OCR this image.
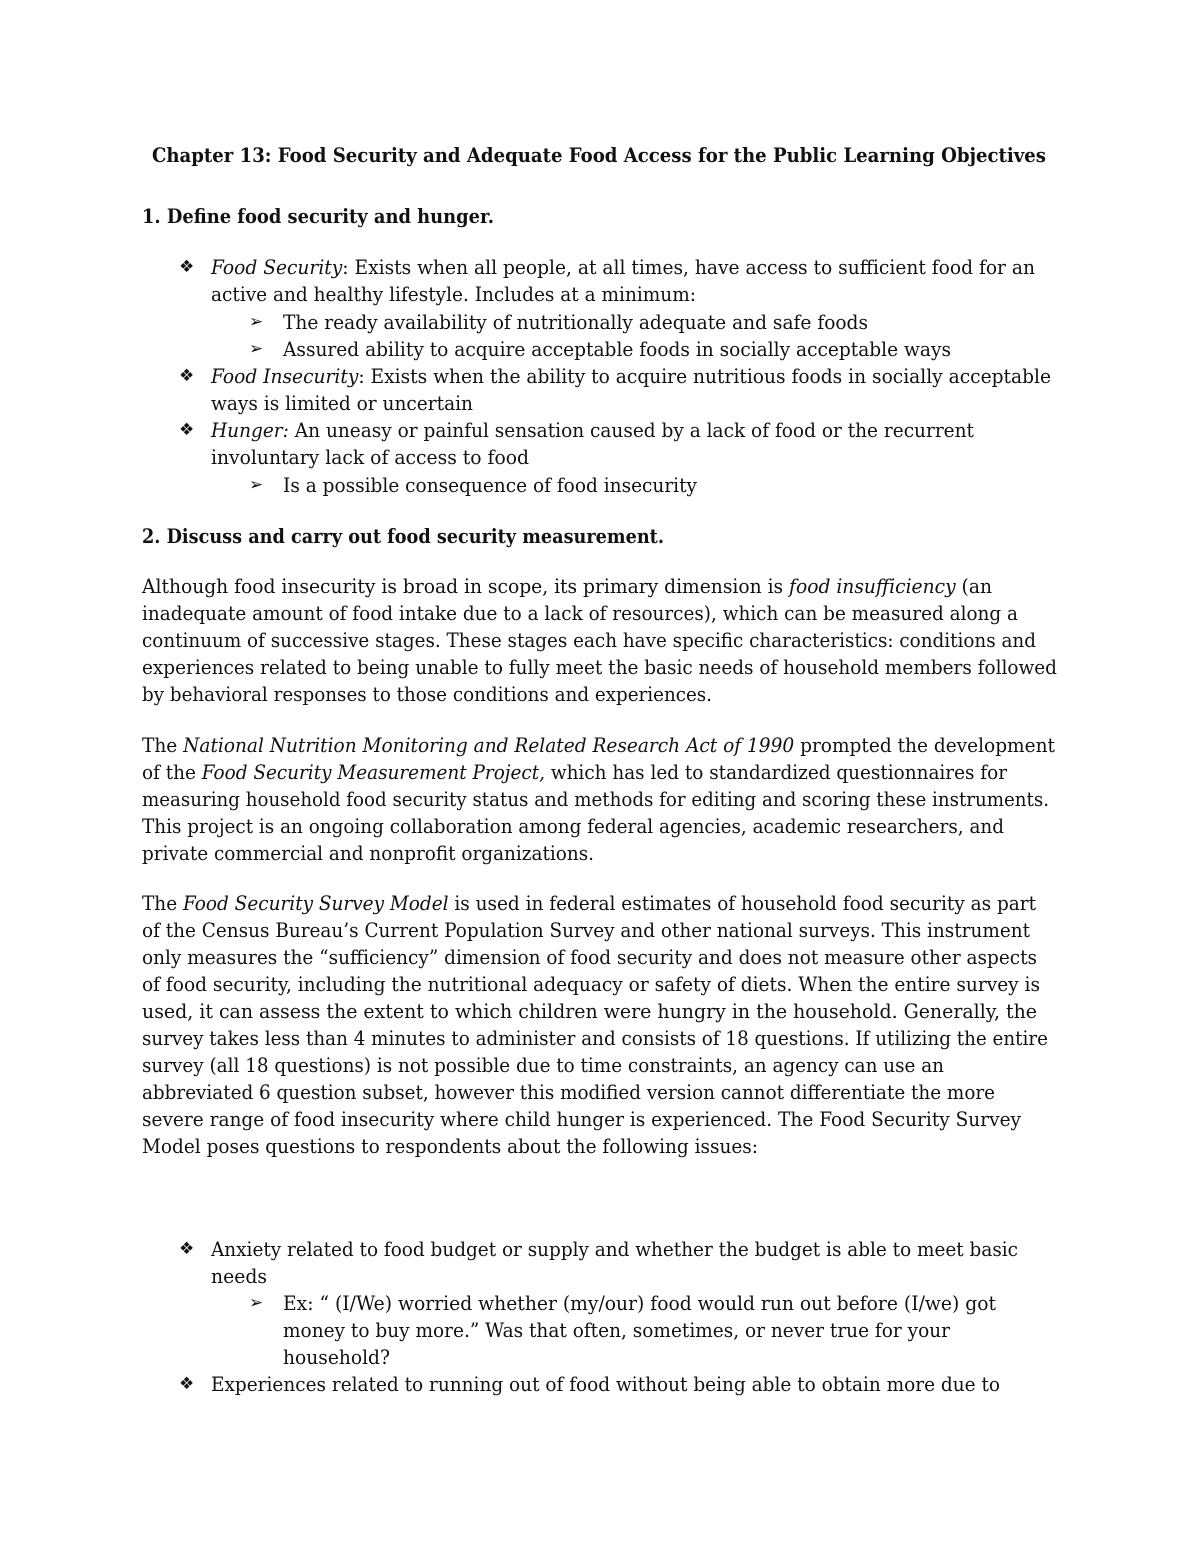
Chapter 13: Food Security and Adequate Food Access for the Public Learning Objectives
1. Define food security and hunger.
❖ Food Security: Exists when all people, at all times, have access to sufficient food for an
active and healthy lifestyle. Includes at a minimum:
➢ The ready availability of nutritionally adequate and safe foods
➢ Assured ability to acquire acceptable foods in socially acceptable ways
❖ Food Insecurity: Exists when the ability to acquire nutritious foods in socially acceptable
ways is limited or uncertain
❖ Hunger: An uneasy or painful sensation caused by a lack of food or the recurrent
involuntary lack of access to food
➢ Is a possible consequence of food insecurity
2. Discuss and carry out food security measurement.
Although food insecurity is broad in scope, its primary dimension is food insufficiency (an
inadequate amount of food intake due to a lack of resources), which can be measured along a
continuum of successive stages. These stages each have specific characteristics: conditions and
experiences related to being unable to fully meet the basic needs of household members followed
by behavioral responses to those conditions and experiences.
The National Nutrition Monitoring and Related Research Act of 1990 prompted the development
of the Food Security Measurement Project, which has led to standardized questionnaires for
measuring household food security status and methods for editing and scoring these instruments.
This project is an ongoing collaboration among federal agencies, academic researchers, and
private commercial and nonprofit organizations.
The Food Security Survey Model is used in federal estimates of household food security as part
of the Census Bureau’s Current Population Survey and other national surveys. This instrument
only measures the “sufficiency” dimension of food security and does not measure other aspects
of food security, including the nutritional adequacy or safety of diets. When the entire survey is
used, it can assess the extent to which children were hungry in the household. Generally, the
survey takes less than 4 minutes to administer and consists of 18 questions. If utilizing the entire
survey (all 18 questions) is not possible due to time constraints, an agency can use an
abbreviated 6 question subset, however this modified version cannot differentiate the more
severe range of food insecurity where child hunger is experienced. The Food Security Survey
Model poses questions to respondents about the following issues:
❖ Anxiety related to food budget or supply and whether the budget is able to meet basic
needs
➢ Ex: “ (I/We) worried whether (my/our) food would run out before (I/we) got
money to buy more.” Was that often, sometimes, or never true for your
household?
❖ Experiences related to running out of food without being able to obtain more due to
